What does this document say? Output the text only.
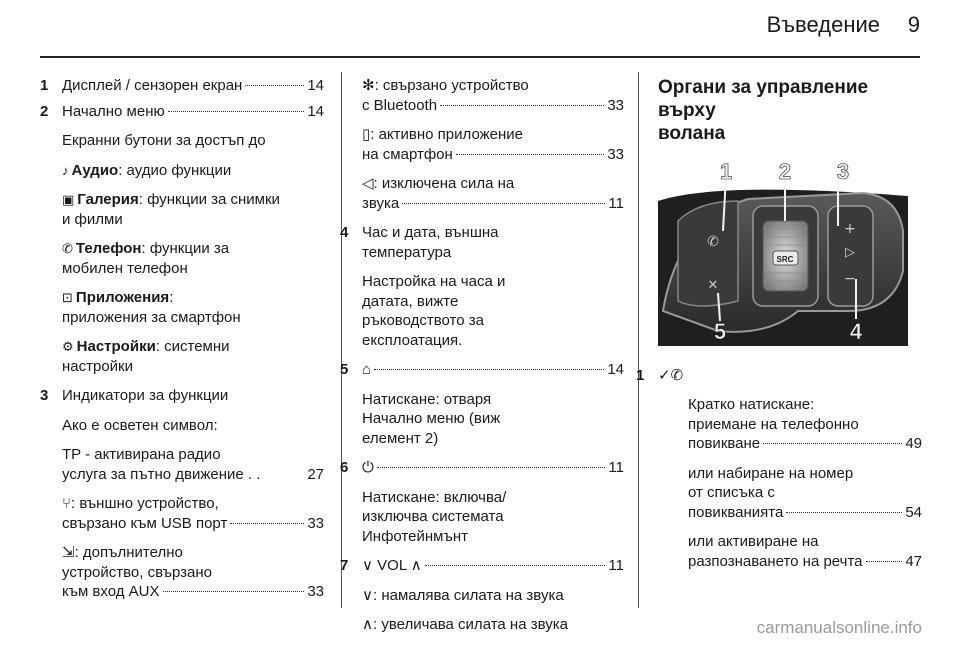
Въведение 9
1 Дисплей / сензорен екран	14
2 Начално меню	14
Екранни бутони за достъп до
♪ Аудио: аудио функции
▣ Галерия: функции за снимки и филми
✆ Телефон: функции за мобилен телефон
⊡ Приложения:
приложения за смартфон
⚙ Настройки: системни настройки
3 Индикатори за функции
Ако е осветен символ:
TP - активирана радио
услуга за пътно движение . .	27
⑂: външно устройство,
свързано към USB порт	33
⇲: допълнително
устройство, свързано
към вход AUX	33
✻: свързано устройство
с Bluetooth	33
▯: активно приложение
на смартфон	33
◁: изключена сила на
звука	11
4 Час и дата, външна
температура
Настройка на часа и
датата, вижте
ръководството за
експлоатация.
5 ⌂	14
Натискане: отваря
Начално меню (виж
елемент 2)
6 ⏻	11
Натискане: включва/
изключва системата
Инфотейнмънт
7 ∨ VOL ∧	11
∨: намалява силата на звука
∧: увеличава силата на звука
Органи за управление върху
волана
SRC
+
▷
−
✆
✕
1 2 3
4
5
1 ✓✆
Кратко натискане:
приемане на телефонно
повикване	49
или набиране на номер
от списъка с
повикванията	54
или активиране на
разпознаването на речта	47
carmanualsonline.info
